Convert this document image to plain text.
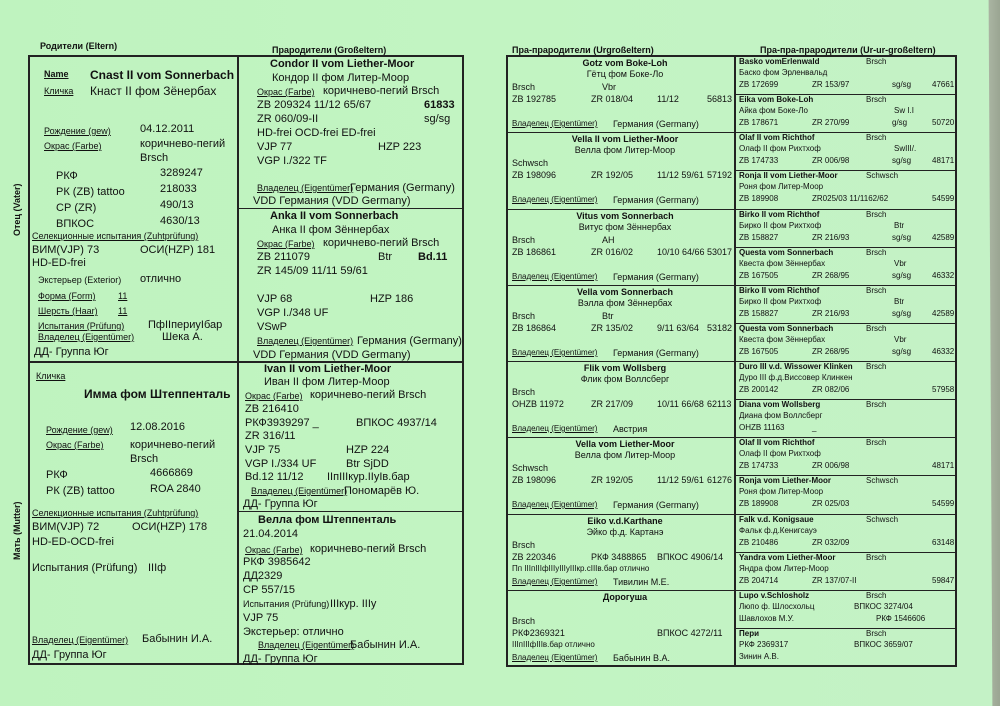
Родители (Eltern)	Прародители (Großeltern)	Пра-прародители (Urgroßeltern)	Пра-пра-прародители (Ur-ur-großeltern)
Отец (Vater)
Мать (Mutter)
Name Cnast II vom Sonnerbach
Кличка Кнаст II фом Зёнербах
Рождение (gew)	04.12.2011
Окрас (Farbe)	коричнево-пегий
Brsch
РКФ	3289247
РК (ZB) tattoo	218033
СР (ZR)	490/13
ВПКОС	4630/13
Селекционные испытания (Zuhtprüfung)
ВИМ(VJP) 73	ОСИ(HZP) 181
HD-ED-frei
Экстерьер (Exterior) отлично
Форма (Form) 11
Шерсть (Haar) 11
Испытания (Prüfung) ПфIIпериуIбар
Владелец (Eigentümer)	Шека А.
ДД- Группа Юг
Кличка
Имма фом Штеппенталь
Рождение (gew) 12.08.2016
Окрас (Farbe) коричнево-пегий
Brsch
РКФ	4666869
РК (ZB) tattoo	ROA 2840
Селекционные испытания (Zuhtprüfung)
ВИМ(VJP) 72	ОСИ(HZP) 178
HD-ED-OCD-frei
Испытания (Prüfung) IIIф
Владелец (Eigentümer) Бабынин И.А.
ДД- Группа Юг
Condor II vom Liether-Moor
Кондор II фом Литер-Моор
Окрас (Farbe) коричнево-пегий Brsch
ZB 209324 11/12 65/67	61833
ZR 060/09-II	sg/sg
HD-frei OCD-frei ED-frei
VJP 77	HZP 223
VGP I./322 TF
Владелец (Eigentümer)
Германия (Germany)
VDD Германия (VDD Germany)
Anka II vom Sonnerbach
Анка II фом Зённербах
Окрас (Farbe) коричнево-пегий Brsch
ZB 211079	Btr Bd.11
ZR 145/09 11/11 59/61
VJP 68	HZP 186
VGP I./348 UF
VSwP
Владелец (Eigentümer) Германия (Germany)
VDD Германия (VDD Germany)
Ivan II vom Liether-Moor
Иван II фом Литер-Моор
Окрас (Farbe) коричнево-пегий Brsch
ZB 216410
РКФ3939297 _	ВПКОС 4937/14
ZR 316/11
VJP 75	HZP 224
VGP I./334 UF	Btr SjDD
Bd.12 11/12 IIпIIIкур.IIуIв.бар
Владелец (Eigentümer)
Пономарёв Ю.
ДД- Группа Юг
Велла фом Штеппенталь
21.04.2014
Окрас (Farbe) коричнево-пегий Brsch
РКФ 3985642
ДД2329
СР 557/15
Испытания (Prüfung) IIIкур. IIIу
VJP 75
Экстерьер: отлично
Владелец (Eigentümer)
Бабынин И.А.
ДД- Группа Юг
Gotz vom Boke-Loh
Гётц фом Боке-Ло
Brsch	Vbr
ZB 192785	ZR 018/04	11/12	56813
Владелец (Eigentümer) Германия (Germany)
Vella II vom Liether-Moor
Велла фом Литер-Моор
Schwsch
ZB 198096	ZR 192/05	11/12 59/61 57192
Владелец (Eigentümer) Германия (Germany)
Vitus vom Sonnerbach
Витус фом Зённербах
Brsch	AH
ZB 186861	ZR 016/02	10/10 64/66 53017
Владелец (Eigentümer) Германия (Germany)
Vella vom Sonnerbach
Вэлла фом Зённербах
Brsch	Btr
ZB 186864	ZR 135/02	9/11 63/64 53182
Владелец (Eigentümer) Германия (Germany)
Flik vom Wollsberg
Флик фом Воллсберг
Brsch
OHZB 11972	ZR 217/09	10/11 66/68 62113
Владелец (Eigentümer) Австрия
Vella vom Liether-Moor
Велла фом Литер-Моор
Schwsch
ZB 198096	ZR 192/05	11/12 59/61 61276
Владелец (Eigentümer) Германия (Germany)
Eiko v.d.Karthane
Эйко ф.д. Картанэ
Brsch
ZB 220346	РКФ 3488865 ВПКОС 4906/14
Пп IIIпIIIфIIIуIIIуIIIкр.сIIIв.бар отлично
Владелец (Eigentümer) Тивилин М.Е.
Дорогуша
Brsch
РКФ2369321	ВПКОС 4272/11
IIIпIIIфIIIв.бар отлично
Владелец (Eigentümer) Бабынин В.А.
Basko vomErlenwald	Brsch
Баско фом Эрленвальд
ZB 172699	ZR 153/97	sg/sg	47661
Eika vom Boke-Loh	Brsch
Айка фом Боке-Ло	Sw I.I
ZB 178671	ZR 270/99	g/sg	50720
Olaf II vom Richthof	Brsch
Олаф II фом Рихтхоф	SwIII/.
ZB 174733	ZR 006/98	sg/sg	48171
Ronja II vom Liether-Moor	Schwsch
Роня фом Литер-Моор
ZB 189908	ZR025/03 11/1162/62	54599
Birko II vom Richthof	Brsch
Бирко II фом Рихтхоф	Btr
ZB 158827	ZR 216/93	sg/sg	42589
Questa vom Sonnerbach	Brsch
Квеста фом Зённербах	Vbr
ZB 167505	ZR 268/95	sg/sg	46332
Birko II vom Richthof	Brsch
Бирко II фом Рихтхоф	Btr
ZB 158827	ZR 216/93	sg/sg	42589
Questa vom Sonnerbach	Brsch
Квеста фом Зённербах	Vbr
ZB 167505	ZR 268/95	sg/sg	46332
Duro III v.d. Wissower Klinken Brsch
Дуро III ф.д.Виссовер Клинкен
ZB 200142	ZR 082/06	57958
Diana vom Wollsberg	Brsch
Диана фом Воллсберг
OHZB 11163	_
Olaf II vom Richthof	Brsch
Олаф II фом Рихтхоф
ZB 174733	ZR 006/98	48171
Ronja vom Liether-Moor	Schwsch
Роня фом Литер-Моор
ZB 189908	ZR 025/03	54599
Falk v.d. Konigsaue	Schwsch
Фальк ф.д.Кенигсауэ
ZB 210486	ZR 032/09	63148
Yandra vom Liether-Moor	Brsch
Яндра фом Литер-Моор
ZB 204714	ZR 137/07-II	59847
Lupo v.Schlosholz	Brsch
Люпо ф. Шлосхольц
Шавлохов М.У.
ВПКОС 3274/04
РКФ 1546606
Пери	Brsch
РКФ 2369317
Зинин А.В.
ВПКОС 3659/07
